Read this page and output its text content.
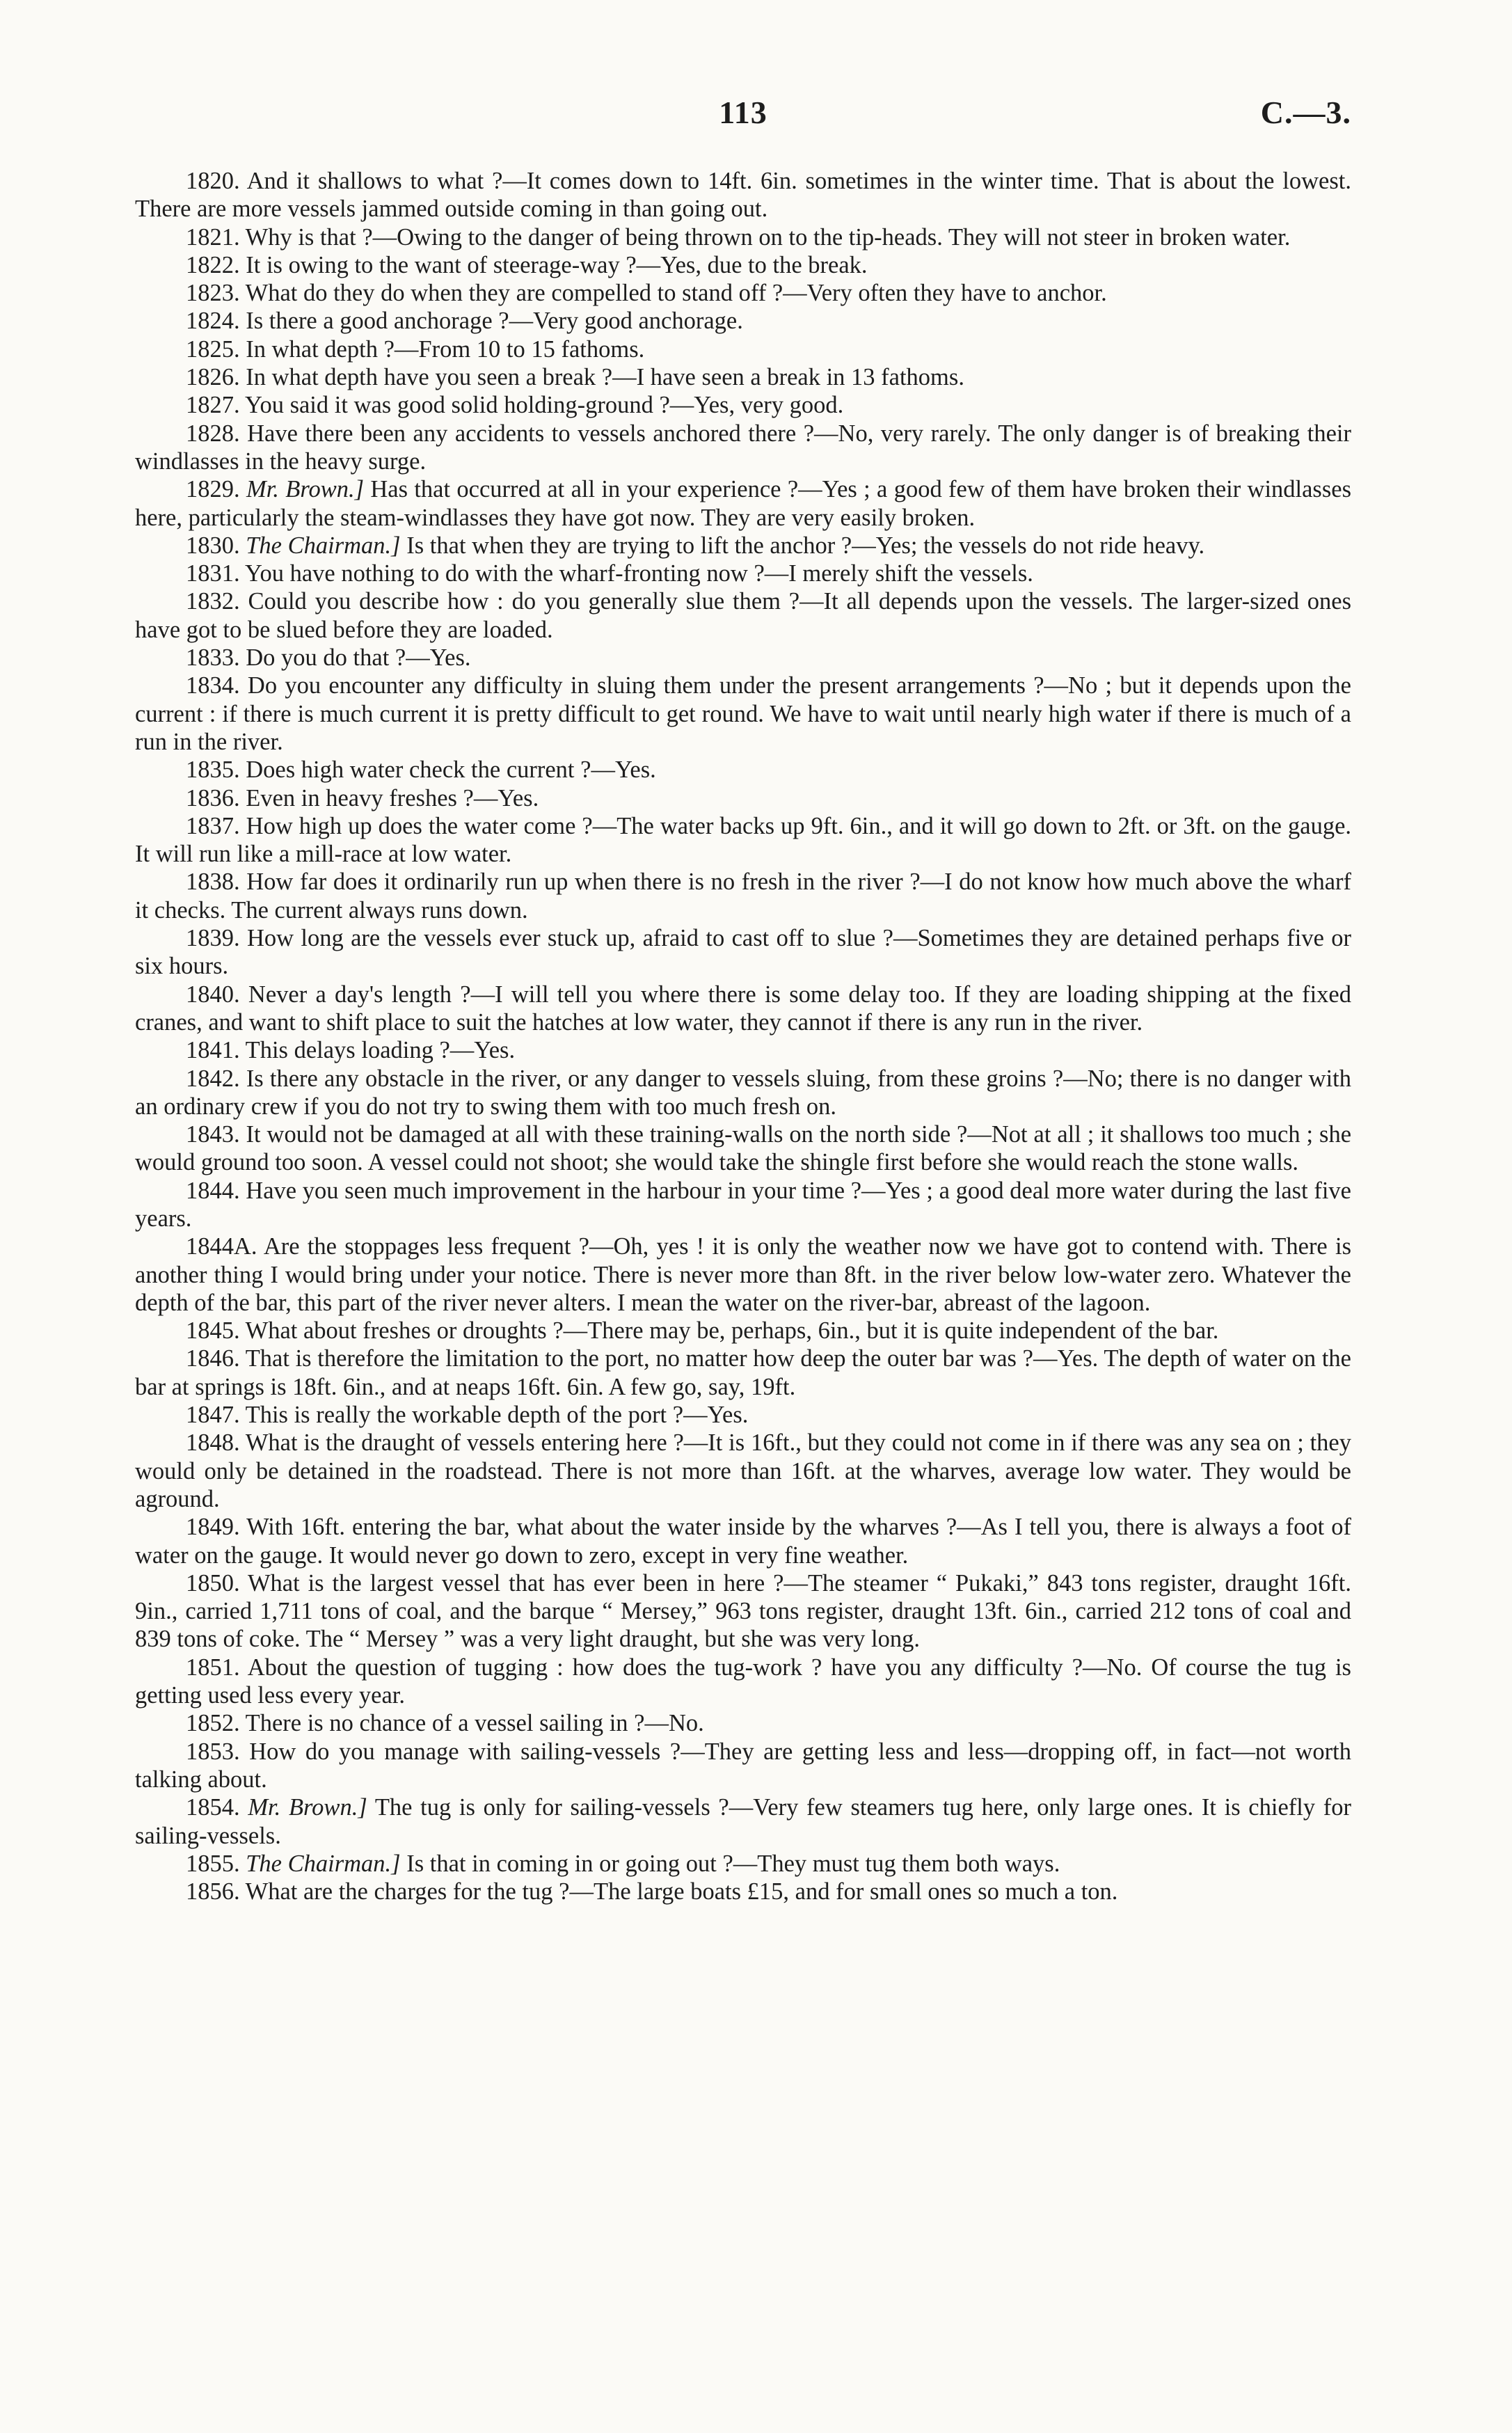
113	C.—3.

1820. And it shallows to what ?—It comes down to 14ft. 6in. sometimes in the winter time. That is about the lowest. There are more vessels jammed outside coming in than going out.

1821. Why is that ?—Owing to the danger of being thrown on to the tip-heads. They will not steer in broken water.

1822. It is owing to the want of steerage-way ?—Yes, due to the break.

1823. What do they do when they are compelled to stand off ?—Very often they have to anchor.

1824. Is there a good anchorage ?—Very good anchorage.

1825. In what depth ?—From 10 to 15 fathoms.

1826. In what depth have you seen a break ?—I have seen a break in 13 fathoms.

1827. You said it was good solid holding-ground ?—Yes, very good.

1828. Have there been any accidents to vessels anchored there ?—No, very rarely. The only danger is of breaking their windlasses in the heavy surge.

1829. Mr. Brown.] Has that occurred at all in your experience ?—Yes ; a good few of them have broken their windlasses here, particularly the steam-windlasses they have got now. They are very easily broken.

1830. The Chairman.] Is that when they are trying to lift the anchor ?—Yes; the vessels do not ride heavy.

1831. You have nothing to do with the wharf-fronting now ?—I merely shift the vessels.

1832. Could you describe how : do you generally slue them ?—It all depends upon the vessels. The larger-sized ones have got to be slued before they are loaded.

1833. Do you do that ?—Yes.

1834. Do you encounter any difficulty in sluing them under the present arrangements ?—No ; but it depends upon the current : if there is much current it is pretty difficult to get round. We have to wait until nearly high water if there is much of a run in the river.

1835. Does high water check the current ?—Yes.

1836. Even in heavy freshes ?—Yes.

1837. How high up does the water come ?—The water backs up 9ft. 6in., and it will go down to 2ft. or 3ft. on the gauge. It will run like a mill-race at low water.

1838. How far does it ordinarily run up when there is no fresh in the river ?—I do not know how much above the wharf it checks. The current always runs down.

1839. How long are the vessels ever stuck up, afraid to cast off to slue ?—Sometimes they are detained perhaps five or six hours.

1840. Never a day's length ?—I will tell you where there is some delay too. If they are loading shipping at the fixed cranes, and want to shift place to suit the hatches at low water, they cannot if there is any run in the river.

1841. This delays loading ?—Yes.

1842. Is there any obstacle in the river, or any danger to vessels sluing, from these groins ?—No; there is no danger with an ordinary crew if you do not try to swing them with too much fresh on.

1843. It would not be damaged at all with these training-walls on the north side ?—Not at all ; it shallows too much ; she would ground too soon. A vessel could not shoot; she would take the shingle first before she would reach the stone walls.

1844. Have you seen much improvement in the harbour in your time ?—Yes ; a good deal more water during the last five years.

1844A. Are the stoppages less frequent ?—Oh, yes ! it is only the weather now we have got to contend with. There is another thing I would bring under your notice. There is never more than 8ft. in the river below low-water zero. Whatever the depth of the bar, this part of the river never alters. I mean the water on the river-bar, abreast of the lagoon.

1845. What about freshes or droughts ?—There may be, perhaps, 6in., but it is quite independent of the bar.

1846. That is therefore the limitation to the port, no matter how deep the outer bar was ?—Yes. The depth of water on the bar at springs is 18ft. 6in., and at neaps 16ft. 6in. A few go, say, 19ft.

1847. This is really the workable depth of the port ?—Yes.

1848. What is the draught of vessels entering here ?—It is 16ft., but they could not come in if there was any sea on ; they would only be detained in the roadstead. There is not more than 16ft. at the wharves, average low water. They would be aground.

1849. With 16ft. entering the bar, what about the water inside by the wharves ?—As I tell you, there is always a foot of water on the gauge. It would never go down to zero, except in very fine weather.

1850. What is the largest vessel that has ever been in here ?—The steamer “ Pukaki,” 843 tons register, draught 16ft. 9in., carried 1,711 tons of coal, and the barque “ Mersey,” 963 tons register, draught 13ft. 6in., carried 212 tons of coal and 839 tons of coke. The “ Mersey ” was a very light draught, but she was very long.

1851. About the question of tugging : how does the tug-work ? have you any difficulty ?—No. Of course the tug is getting used less every year.

1852. There is no chance of a vessel sailing in ?—No.

1853. How do you manage with sailing-vessels ?—They are getting less and less—dropping off, in fact—not worth talking about.

1854. Mr. Brown.] The tug is only for sailing-vessels ?—Very few steamers tug here, only large ones. It is chiefly for sailing-vessels.

1855. The Chairman.] Is that in coming in or going out ?—They must tug them both ways.

1856. What are the charges for the tug ?—The large boats £15, and for small ones so much a ton.
